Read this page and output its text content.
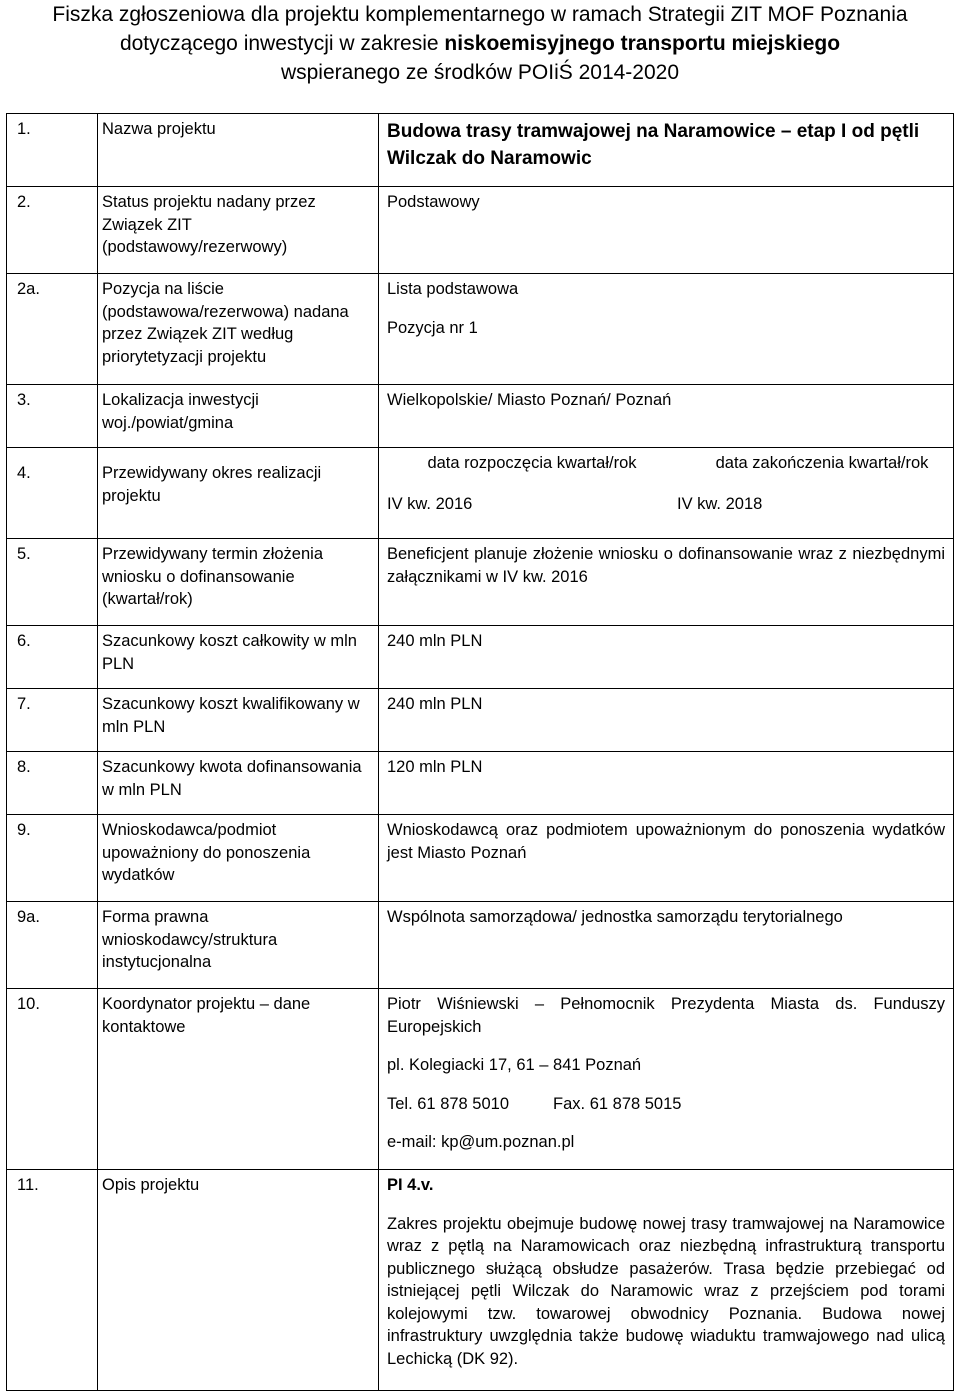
Fiszka zgłoszeniowa dla projektu komplementarnego w ramach Strategii ZIT MOF Poznania
dotyczącego inwestycji w zakresie niskoemisyjnego transportu miejskiego
wspieranego ze środków POIiŚ 2014-2020
1.	Nazwa projektu	Budowa trasy tramwajowej na Naramowice – etap I od pętli Wilczak do Naramowic
2.	Status projektu nadany przez Związek ZIT (podstawowy/rezerwowy)	Podstawowy
2a.	Pozycja na liście (podstawowa/rezerwowa) nadana przez Związek ZIT według priorytetyzacji projektu	Lista podstawowa
Pozycja nr 1

3.	Lokalizacja inwestycji woj./powiat/gmina	Wielkopolskie/ Miasto Poznań/ Poznań
4.	Przewidywany okres realizacji projektu	data rozpoczęcia kwartał/rok data zakończenia kwartał/rok
IV kw. 2016 IV kw. 2018

5.	Przewidywany termin złożenia wniosku o dofinansowanie (kwartał/rok)	Beneficjent planuje złożenie wniosku o dofinansowanie wraz z niezbędnymi załącznikami w IV kw. 2016
6.	Szacunkowy koszt całkowity w mln PLN	240 mln PLN
7.	Szacunkowy koszt kwalifikowany w mln PLN	240 mln PLN
8.	Szacunkowy kwota dofinansowania w mln PLN	120 mln PLN
9.	Wnioskodawca/podmiot upoważniony do ponoszenia wydatków	Wnioskodawcą oraz podmiotem upoważnionym do ponoszenia wydatków jest Miasto Poznań
9a.	Forma prawna wnioskodawcy/struktura instytucjonalna	Wspólnota samorządowa/ jednostka samorządu terytorialnego
10.	Koordynator projektu – dane kontaktowe	Piotr Wiśniewski – Pełnomocnik Prezydenta Miasta ds. Funduszy Europejskich
pl. Kolegiacki 17, 61 – 841 Poznań
Tel. 61 878 5010 Fax. 61 878 5015
e-mail: kp@um.poznan.pl

11.	Opis projektu	PI 4.v.
Zakres projektu obejmuje budowę nowej trasy tramwajowej na Naramowice wraz z pętlą na Naramowicach oraz niezbędną infrastrukturą transportu publicznego służącą obsłudze pasażerów. Trasa będzie przebiegać od istniejącej pętli Wilczak do Naramowic wraz z przejściem pod torami kolejowymi tzw. towarowej obwodnicy Poznania. Budowa nowej infrastruktury uwzględnia także budowę wiaduktu tramwajowego nad ulicą Lechicką (DK 92).
